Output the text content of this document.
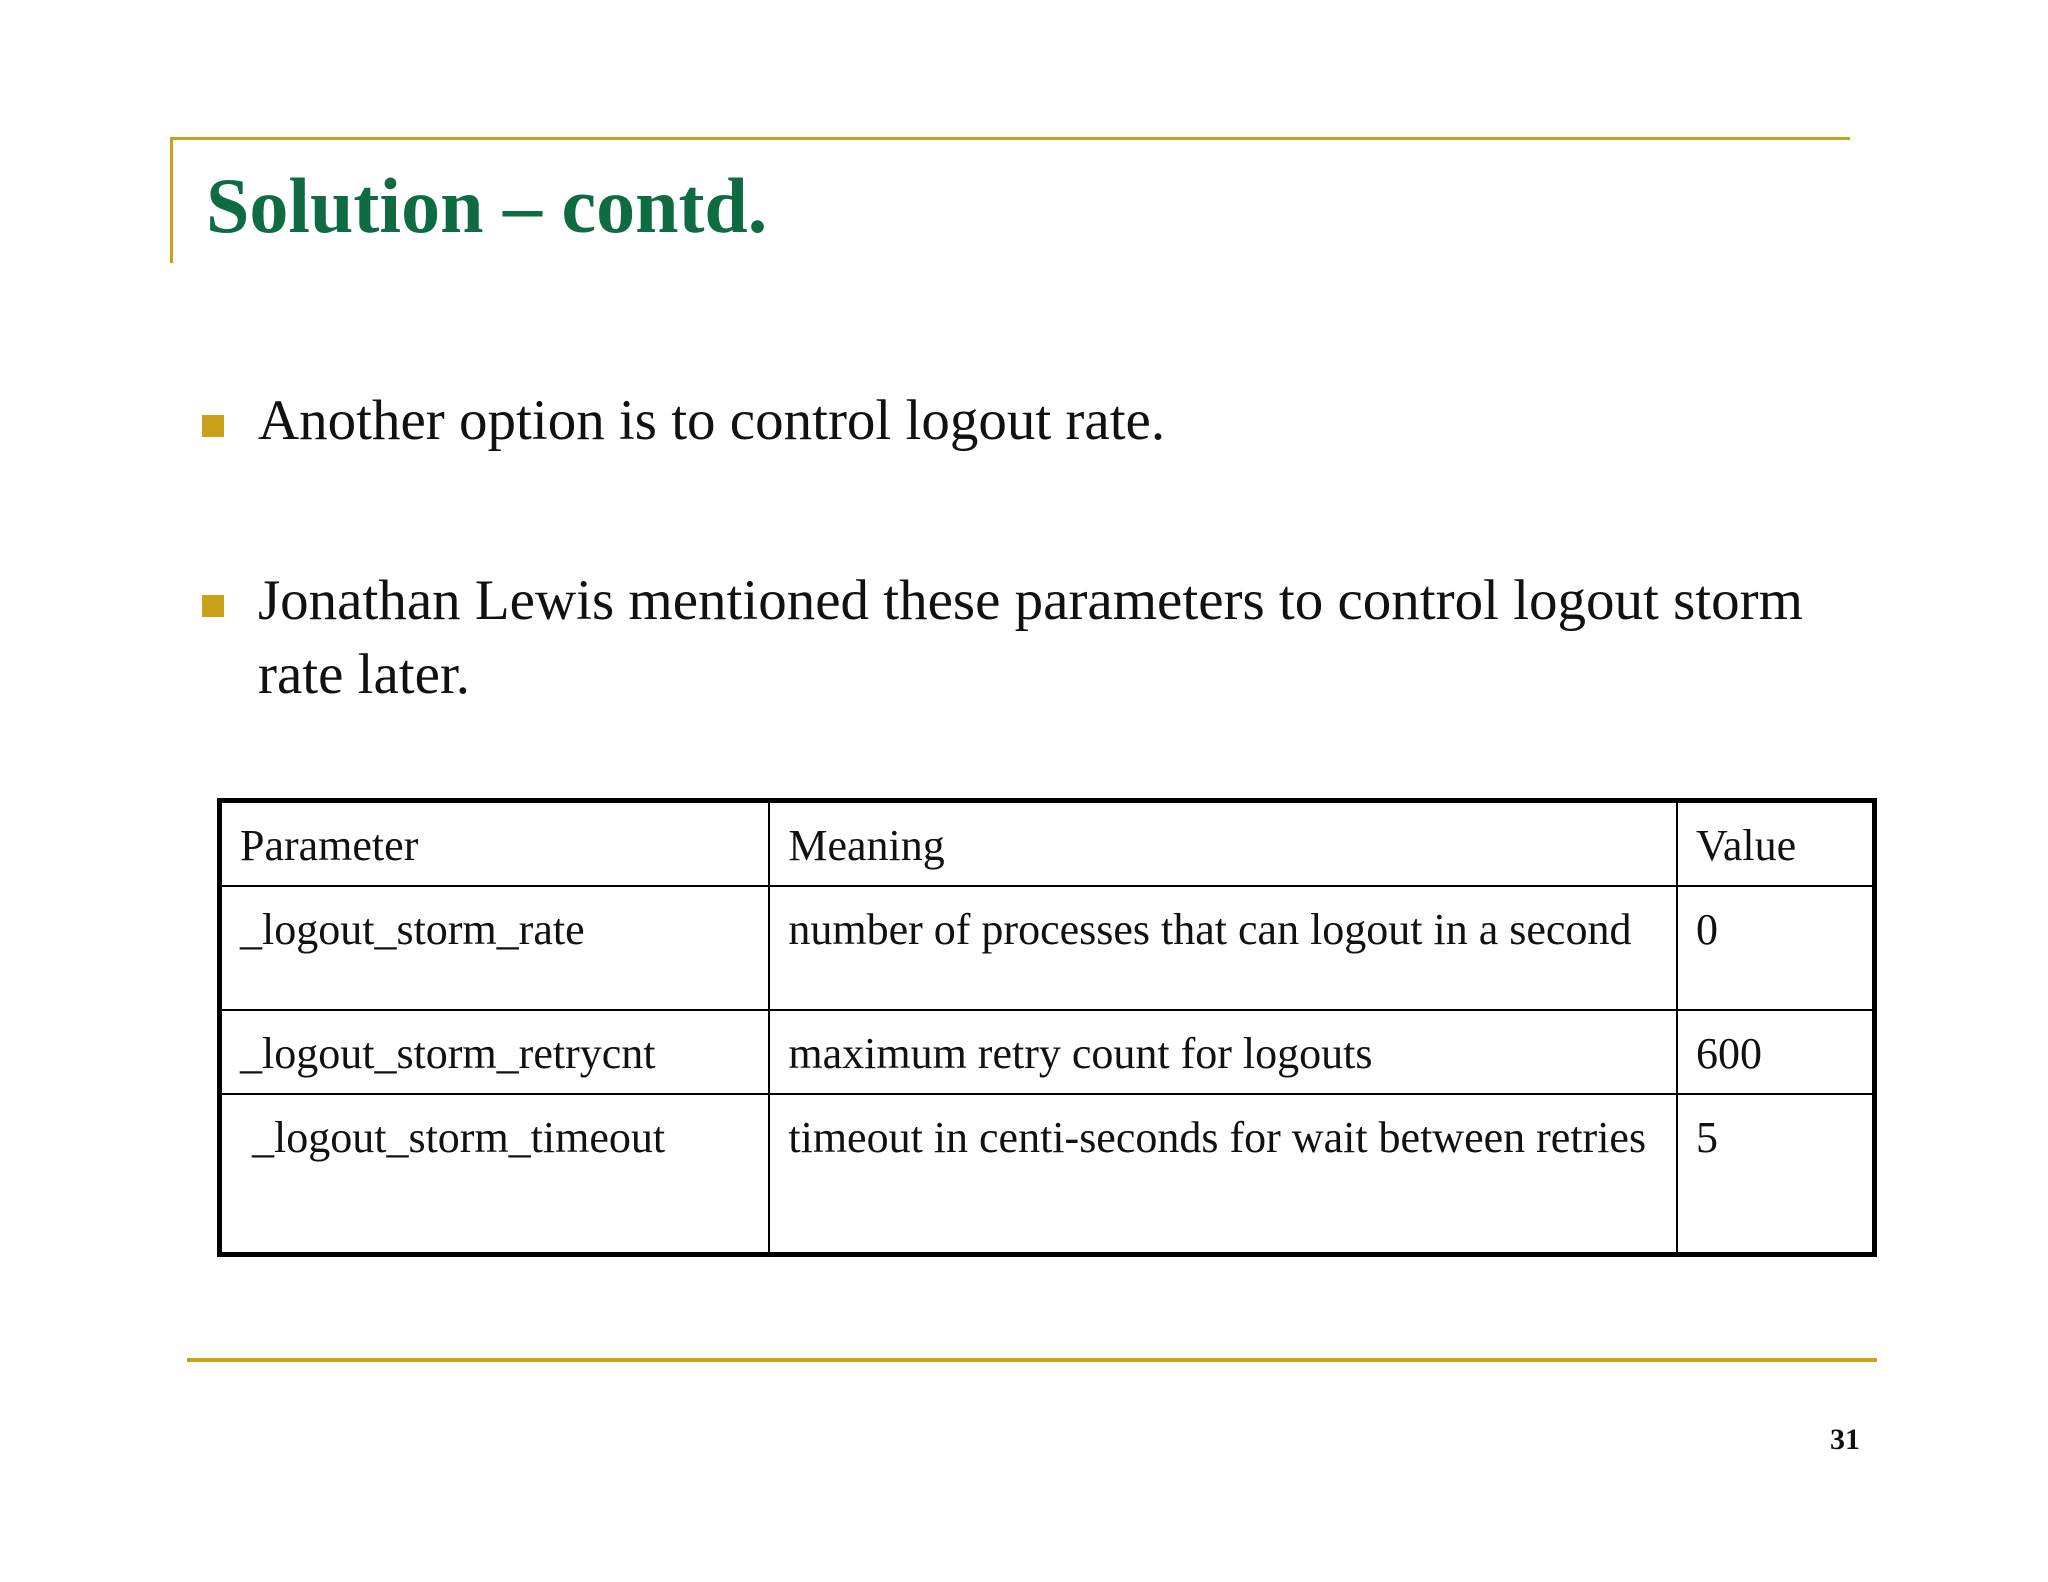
Solution – contd.
Another option is to control logout rate.
Jonathan Lewis mentioned these parameters to control logout storm rate later.
Parameter	Meaning	Value
_logout_storm_rate	number of processes that can logout in a second	0
_logout_storm_retrycnt	maximum retry count for logouts	600
_logout_storm_timeout	timeout in centi-seconds for wait between retries	5
31
